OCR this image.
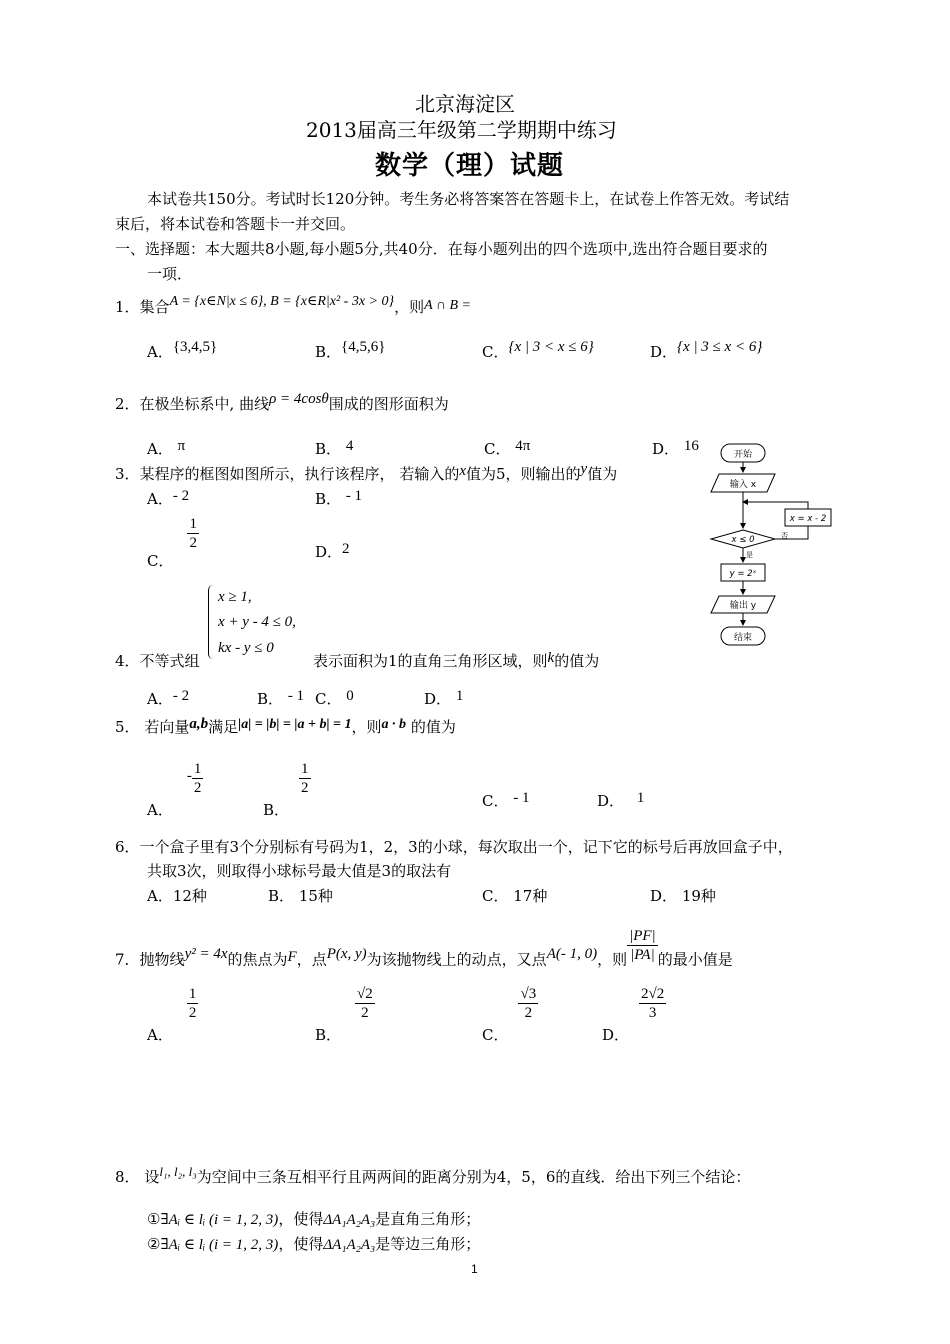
北京海淀区
2013届高三年级第二学期期中练习
数学（理）试题
本试卷共150分。考试时长120分钟。考生务必将答案答在答题卡上，在试卷上作答无效。考试结
束后，将本试卷和答题卡一并交回。
一、选择题：本大题共8小题,每小题5分,共40分．在每小题列出的四个选项中,选出符合题目要求的
一项．
1．集合A = {x∈N|x ≤ 6}, B = {x∈R|x² - 3x > 0}，则A ∩ B =
A．{3,4,5}	B．{4,5,6}	C．{x | 3 < x ≤ 6}	D．{x | 3 ≤ x < 6}
2．在极坐标系中, 曲线ρ = 4cosθ围成的图形面积为
A． π	B． 4	C． 4π	D． 16
3．某程序的框图如图所示，执行该程序， 若输入的x值为5，则输出的y值为
A．- 2	B． - 1
C．
$\frac{1}{2}$	D．2
开始
输入 x
x = x - 2
x ≤ 0	否
是
y = 2ˣ
输出 y
结束
4．不等式组
x ≥ 1,
x + y - 4 ≤ 0,
kx - y ≤ 0
表示面积为1的直角三角形区域，则k的值为
A．- 2	B． - 1 C． 0	D． 1
5． 若向量a,b满足|a| = |b| = |a + b| = 1，则a · b 的值为
A．- $\frac{1}{2}$
B．
$\frac{1}{2}$
C． - 1	D． 1
6．一个盒子里有3个分别标有号码为1，2，3的小球，每次取出一个，记下它的标号后再放回盒子中，
共取3次，则取得小球标号最大值是3的取法有
A．12种	B． 15种	C． 17种	D． 19种
7．抛物线y² = 4x的焦点为F，点P(x, y)为该抛物线上的动点，又点A(- 1, 0)，则 $\frac{|PF|}{|PA|}$ 的最小值是
A．
$\frac{1}{2}$
B．
$\frac{√2}{2}$
C．
$\frac{√3}{2}$
D．
$\frac{2√2}{3}$
8． 设l₁, l₂, l₃为空间中三条互相平行且两两间的距离分别为4，5，6的直线．给出下列三个结论：
①∃Aᵢ ∈ lᵢ (i = 1, 2, 3)，使得ΔA₁A₂A₃是直角三角形；
②∃Aᵢ ∈ lᵢ (i = 1, 2, 3)，使得ΔA₁A₂A₃是等边三角形；
1
